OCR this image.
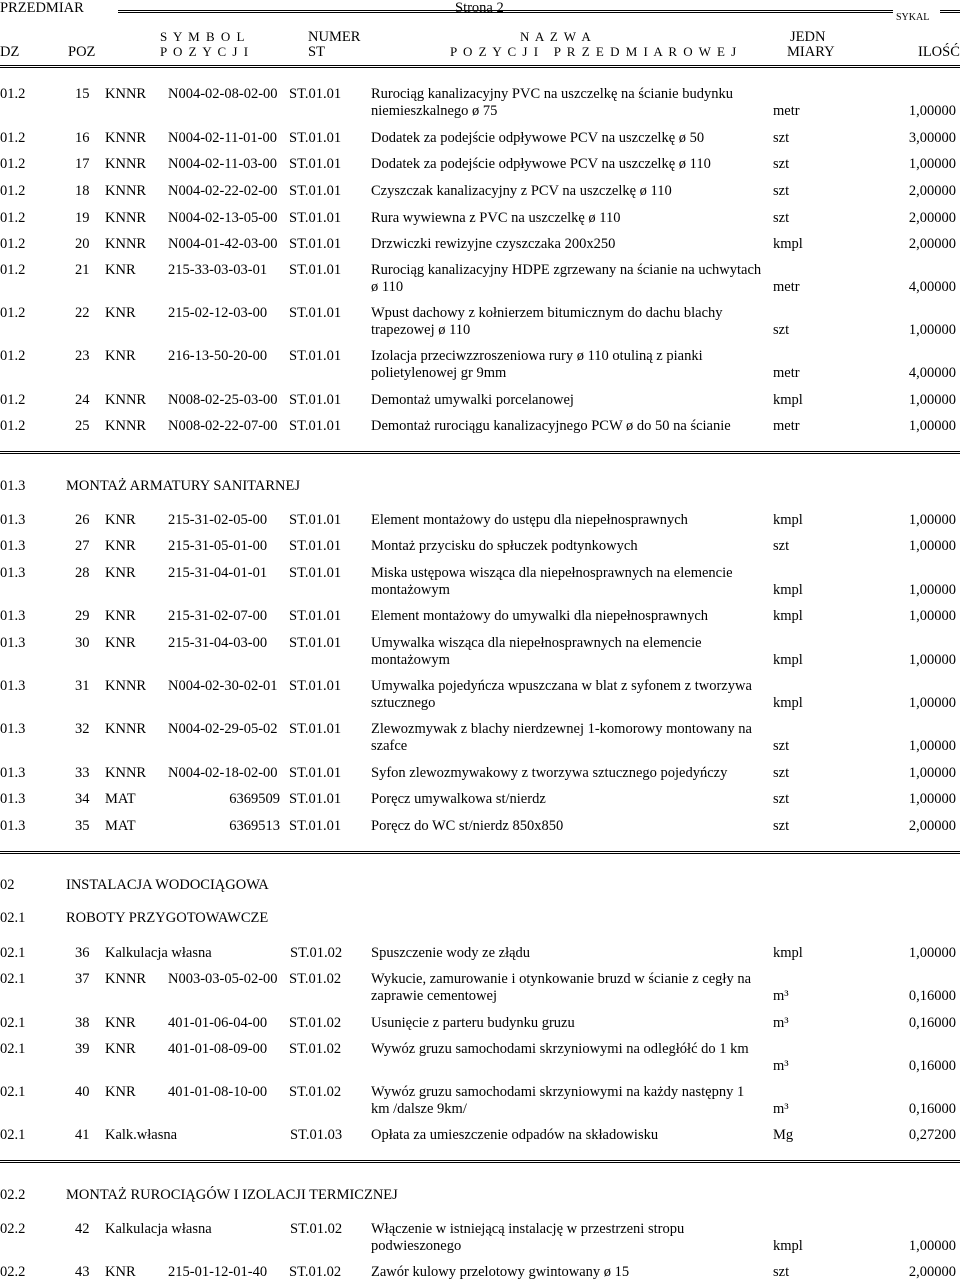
PRZEDMIAR	Strona 2
SYKAL
S Y M B O L
P O Z Y C J I
NUMER
ST
N A Z W A
P O Z Y C J I   P R Z E D M I A R O W E J
DZ	POZ
JEDN
MIARY	ILOŚĆ
01.2	15 KNNR N004-02-08-02-00 ST.01.01 Rurociąg kanalizacyjny PVC na uszczelkę na ścianie budynku niemieszkalnego ø 75	metr	1,00000
01.2	16 KNNR N004-02-11-01-00 ST.01.01 Dodatek za podejście odpływowe PCV na uszczelkę ø 50	szt	3,00000
01.2	17 KNNR N004-02-11-03-00 ST.01.01 Dodatek za podejście odpływowe PCV na uszczelkę ø 110	szt	1,00000
01.2	18 KNNR N004-02-22-02-00 ST.01.01 Czyszczak kanalizacyjny z PCV na uszczelkę ø 110	szt	2,00000
01.2	19 KNNR N004-02-13-05-00 ST.01.01 Rura wywiewna z PVC na uszczelkę ø 110	szt	2,00000
01.2	20 KNNR N004-01-42-03-00 ST.01.01 Drzwiczki rewizyjne czyszczaka 200x250	kmpl	2,00000
01.2	21 KNR 215-33-03-03-01 ST.01.01 Rurociąg kanalizacyjny HDPE zgrzewany na ścianie na uchwytach ø 110	metr	4,00000
01.2	22 KNR 215-02-12-03-00 ST.01.01 Wpust dachowy z kołnierzem bitumicznym do dachu blachy trapezowej ø 110	szt	1,00000
01.2	23 KNR 216-13-50-20-00 ST.01.01 Izolacja przeciwzzroszeniowa rury ø 110 otuliną z pianki polietylenowej gr 9mm	metr	4,00000
01.2	24 KNNR N008-02-25-03-00 ST.01.01 Demontaż umywalki porcelanowej	kmpl	1,00000
01.2	25 KNNR N008-02-22-07-00 ST.01.01 Demontaż rurociągu kanalizacyjnego PCW ø do 50 na ścianie	metr	1,00000
01.3	MONTAŻ ARMATURY SANITARNEJ
01.3	26 KNR 215-31-02-05-00 ST.01.01 Element montażowy do ustępu dla niepełnosprawnych	kmpl	1,00000
01.3	27 KNR 215-31-05-01-00 ST.01.01 Montaż przycisku do spłuczek podtynkowych	szt	1,00000
01.3	28 KNR 215-31-04-01-01 ST.01.01 Miska ustępowa wisząca dla niepełnosprawnych na elemencie montażowym	kmpl	1,00000
01.3	29 KNR 215-31-02-07-00 ST.01.01 Element montażowy do umywalki dla niepełnosprawnych	kmpl	1,00000
01.3	30 KNR 215-31-04-03-00 ST.01.01 Umywalka wisząca dla niepełnosprawnych na elemencie montażowym	kmpl	1,00000
01.3	31 KNNR N004-02-30-02-01 ST.01.01 Umywalka pojedyńcza wpuszczana w blat z syfonem z tworzywa sztucznego	kmpl	1,00000
01.3	32 KNNR N004-02-29-05-02 ST.01.01 Zlewozmywak z blachy nierdzewnej 1-komorowy montowany na szafce	szt	1,00000
01.3	33 KNNR N004-02-18-02-00 ST.01.01 Syfon zlewozmywakowy z tworzywa sztucznego pojedyńczy	szt	1,00000
01.3	34 MAT	6369509 ST.01.01 Poręcz umywalkowa st/nierdz	szt	1,00000
01.3	35 MAT	6369513 ST.01.01 Poręcz do WC st/nierdz 850x850	szt	2,00000
02	INSTALACJA WODOCIĄGOWA
02.1	ROBOTY PRZYGOTOWAWCZE
02.1	36 Kalkulacja własna	ST.01.02 Spuszczenie wody ze złądu	kmpl	1,00000
02.1	37 KNNR N003-03-05-02-00 ST.01.02 Wykucie, zamurowanie i otynkowanie bruzd w ścianie z cegły na zaprawie cementowej	m³	0,16000
02.1	38 KNR 401-01-06-04-00 ST.01.02 Usunięcie z parteru budynku gruzu	m³	0,16000
02.1	39 KNR 401-01-08-09-00 ST.01.02 Wywóz gruzu samochodami skrzyniowymi na odległółć do 1 km
m³	0,16000
02.1	40 KNR 401-01-08-10-00 ST.01.02 Wywóz gruzu samochodami skrzyniowymi na każdy następny 1 km /dalsze 9km/	m³	0,16000
02.1	41 Kalk.własna	ST.01.03 Opłata za umieszczenie odpadów na składowisku	Mg	0,27200
02.2	MONTAŻ RUROCIĄGÓW I IZOLACJI TERMICZNEJ
02.2	42 Kalkulacja własna	ST.01.02 Włączenie w istniejącą instalację w przestrzeni stropu podwieszonego	kmpl	1,00000
02.2	43 KNR 215-01-12-01-40 ST.01.02 Zawór kulowy przelotowy gwintowany ø 15	szt	2,00000
